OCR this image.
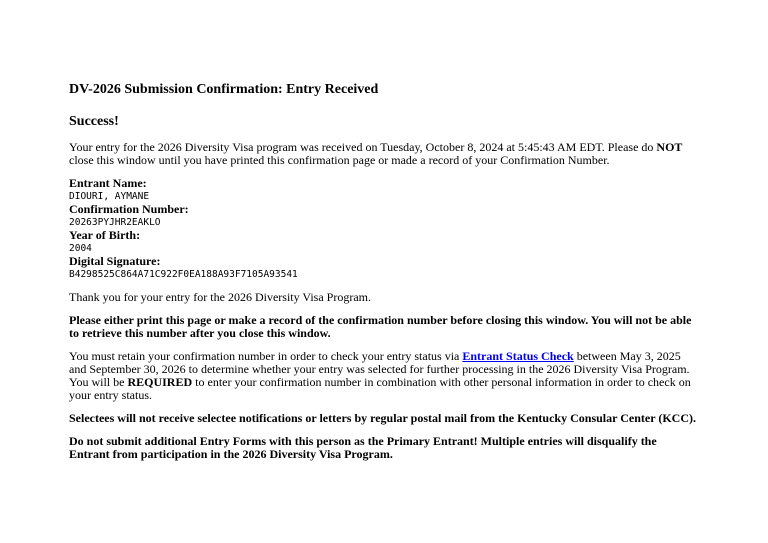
DV-2026 Submission Confirmation: Entry Received
Success!

Your entry for the 2026 Diversity Visa program was received on Tuesday, October 8, 2024 at 5:45:43 AM EDT. Please do NOT close this window until you have printed this confirmation page or made a record of your Confirmation Number.

Entrant Name:
DIOURI, AYMANE
Confirmation Number:
20263PYJHR2EAKLO
Year of Birth:
2004
Digital Signature:
B4298525C864A71C922F0EA188A93F7105A93541

Thank you for your entry for the 2026 Diversity Visa Program.

Please either print this page or make a record of the confirmation number before closing this window. You will not be able to retrieve this number after you close this window.

You must retain your confirmation number in order to check your entry status via Entrant Status Check between May 3, 2025 and September 30, 2026 to determine whether your entry was selected for further processing in the 2026 Diversity Visa Program. You will be REQUIRED to enter your confirmation number in combination with other personal information in order to check on your entry status.

Selectees will not receive selectee notifications or letters by regular postal mail from the Kentucky Consular Center (KCC).

Do not submit additional Entry Forms with this person as the Primary Entrant! Multiple entries will disqualify the Entrant from participation in the 2026 Diversity Visa Program.
